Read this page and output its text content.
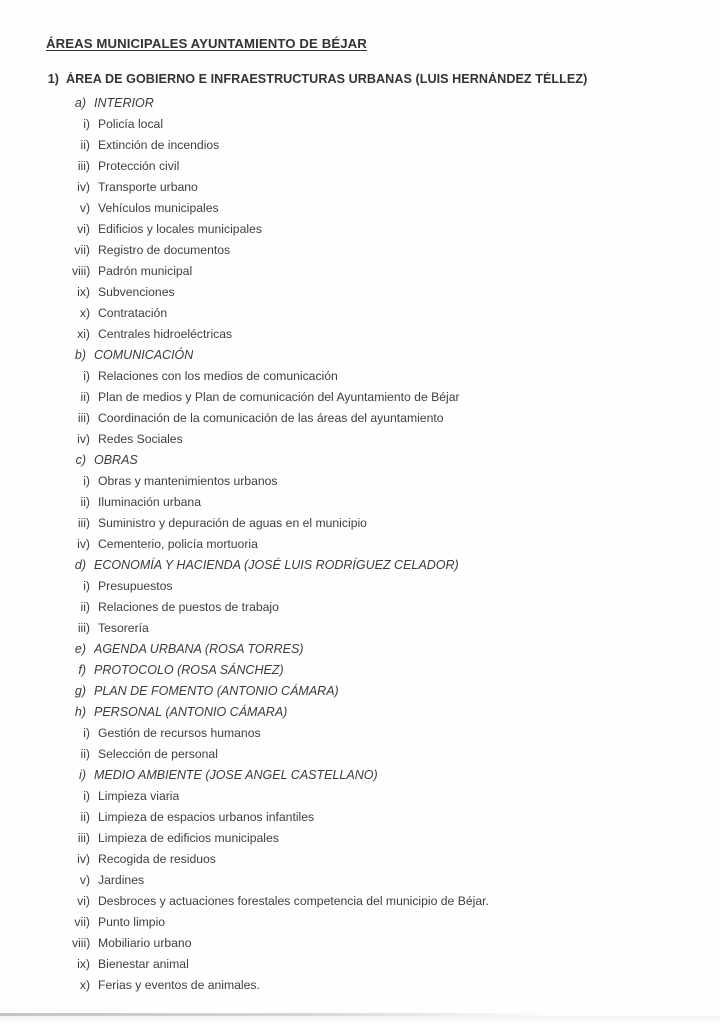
ÁREAS MUNICIPALES AYUNTAMIENTO DE BÉJAR
1) ÁREA DE GOBIERNO E INFRAESTRUCTURAS URBANAS (LUIS HERNÁNDEZ TÉLLEZ)
a) INTERIOR
i) Policía local
ii) Extinción de incendios
iii) Protección civil
iv) Transporte urbano
v) Vehículos municipales
vi) Edificios y locales municipales
vii) Registro de documentos
viii) Padrón municipal
ix) Subvenciones
x) Contratación
xi) Centrales hidroeléctricas
b) COMUNICACIÓN
i) Relaciones con los medios de comunicación
ii) Plan de medios y Plan de comunicación del Ayuntamiento de Béjar
iii) Coordinación de la comunicación de las áreas del ayuntamiento
iv) Redes Sociales
c) OBRAS
i) Obras y mantenimientos urbanos
ii) Iluminación urbana
iii) Suministro y depuración de aguas en el municipio
iv) Cementerio, policía mortuoria
d) ECONOMÍA Y HACIENDA (JOSÉ LUIS RODRÍGUEZ CELADOR)
i) Presupuestos
ii) Relaciones de puestos de trabajo
iii) Tesorería
e) AGENDA URBANA (ROSA TORRES)
f) PROTOCOLO (ROSA SÁNCHEZ)
g) PLAN DE FOMENTO (ANTONIO CÁMARA)
h) PERSONAL (ANTONIO CÁMARA)
i) Gestión de recursos humanos
ii) Selección de personal
i) MEDIO AMBIENTE (JOSE ANGEL CASTELLANO)
i) Limpieza viaria
ii) Limpieza de espacios urbanos infantiles
iii) Limpieza de edificios municipales
iv) Recogida de residuos
v) Jardines
vi) Desbroces y actuaciones forestales competencia del municipio de Béjar.
vii) Punto limpio
viii) Mobiliario urbano
ix) Bienestar animal
x) Ferias y eventos de animales.
